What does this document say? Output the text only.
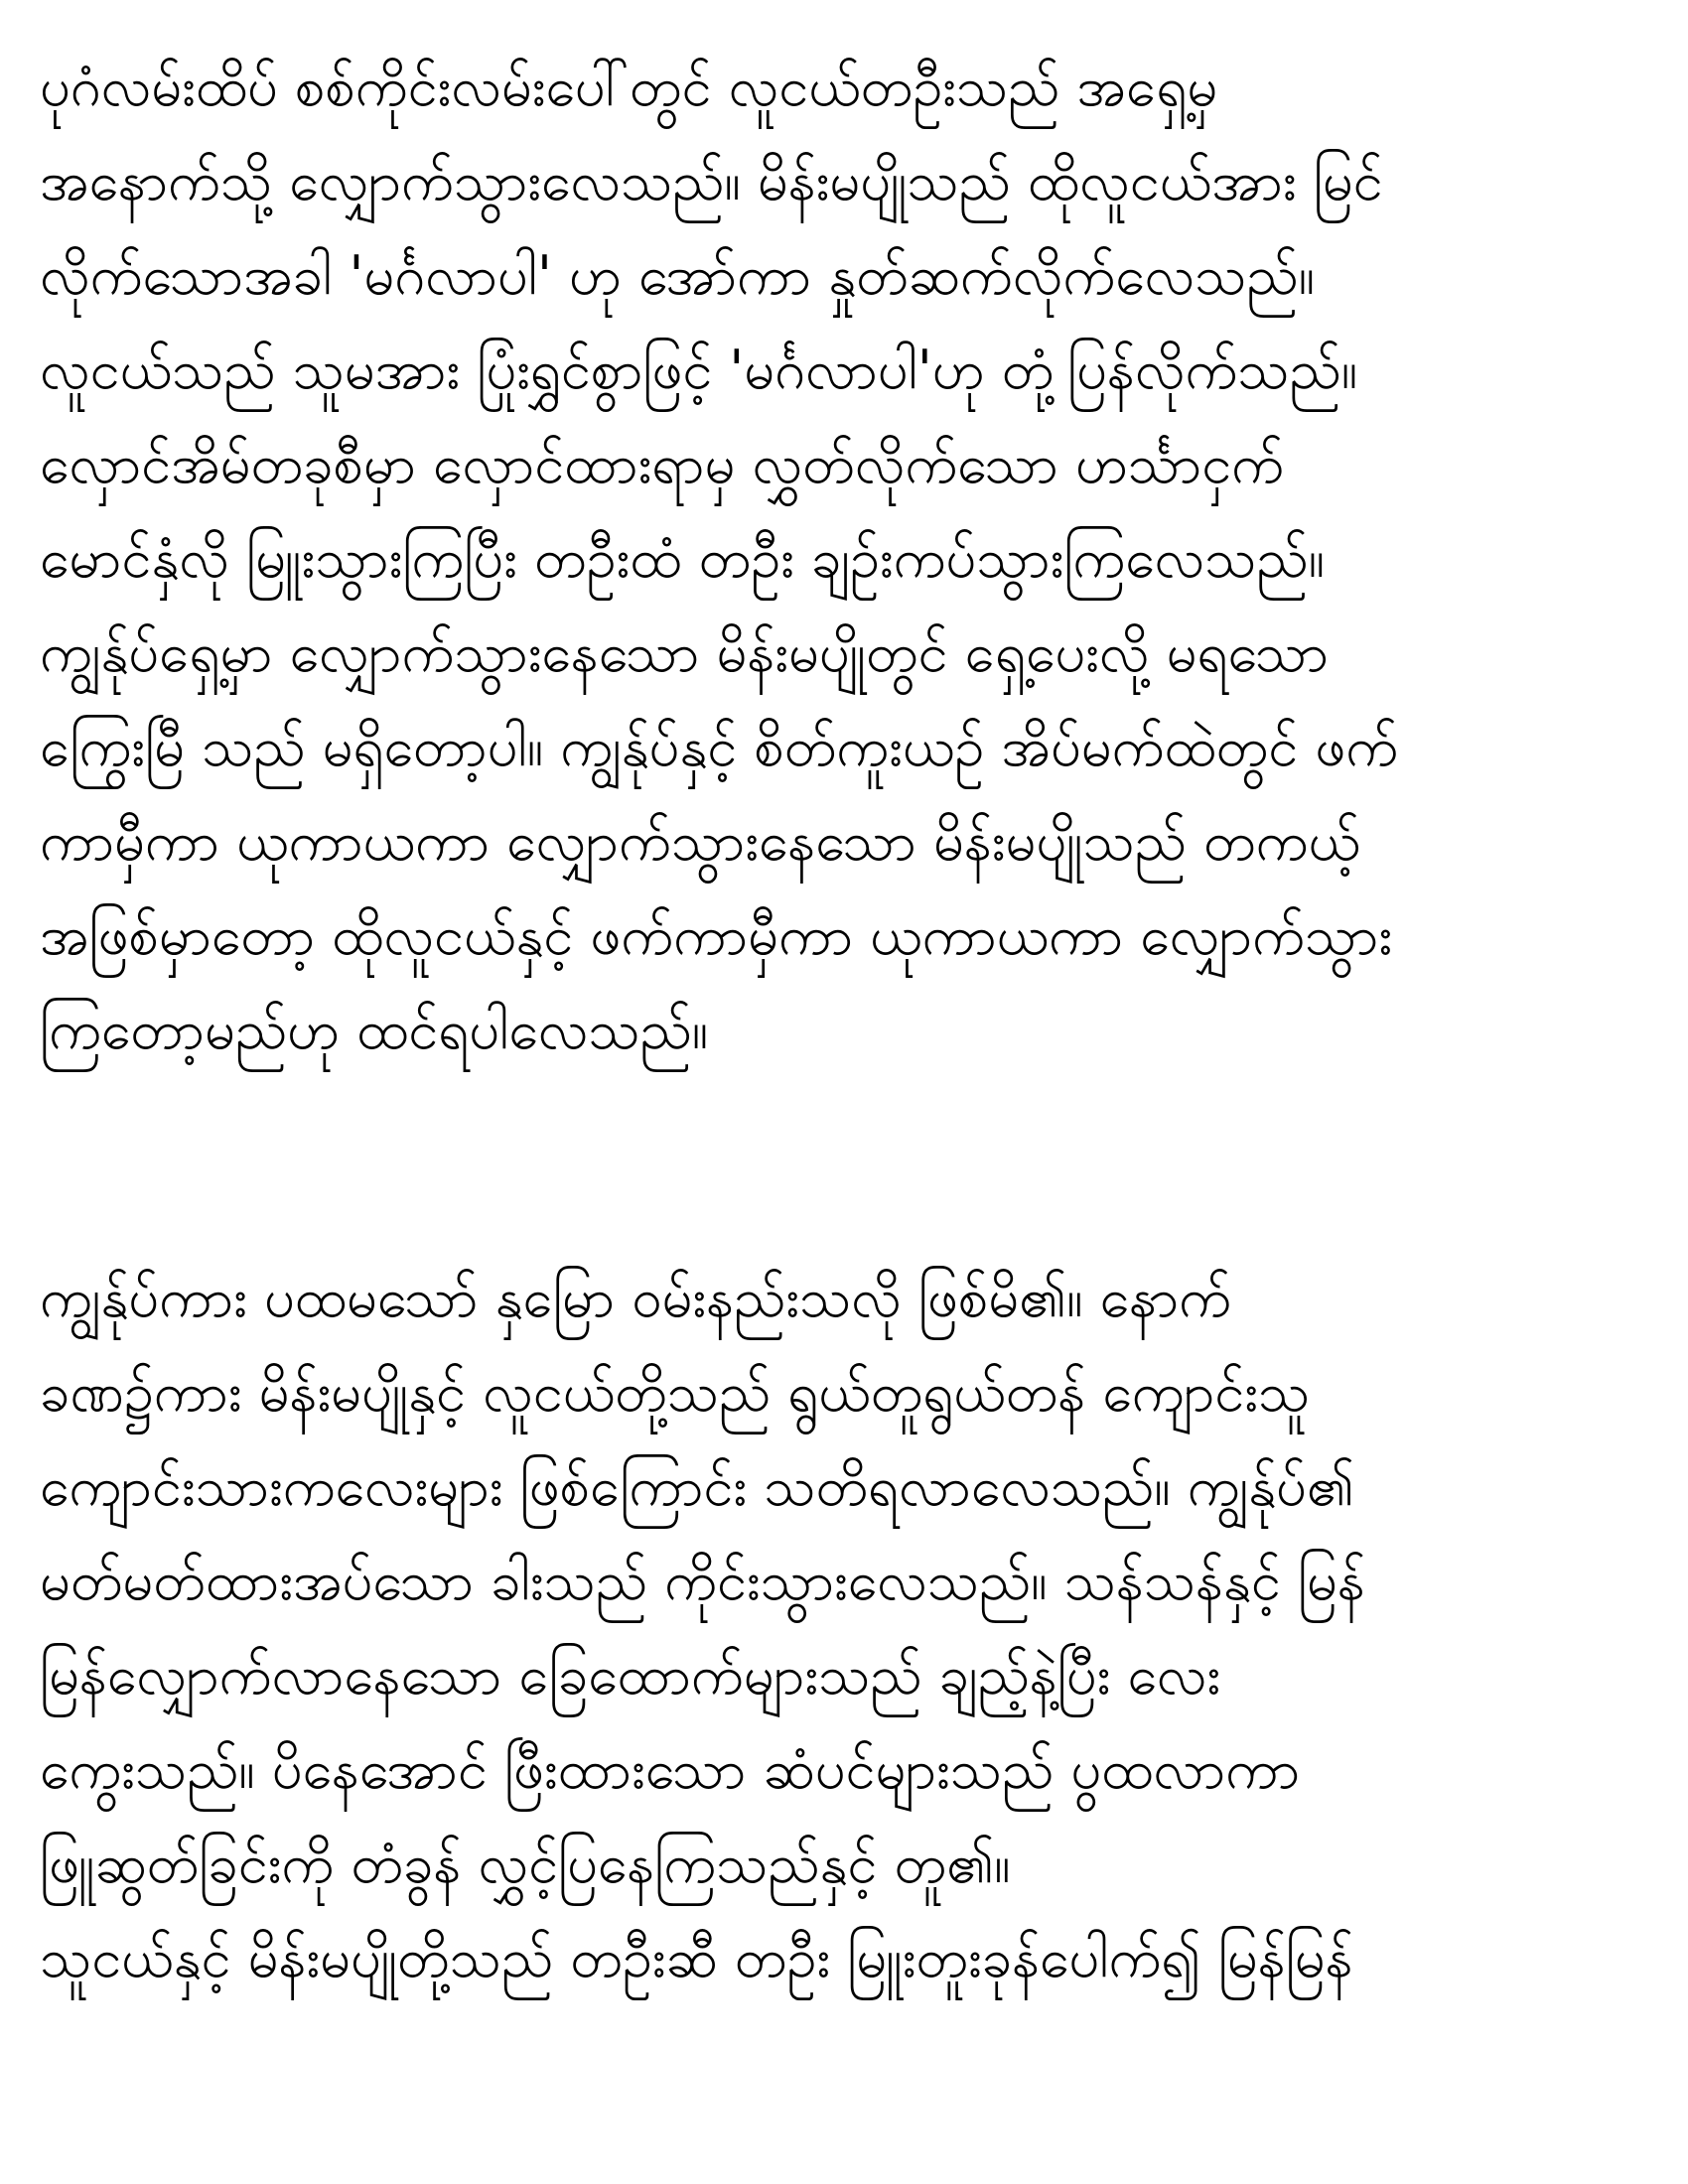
ပုဂံလမ်းထိပ် စစ်ကိုင်းလမ်းပေါ်တွင် လူငယ်တဦးသည် အရှေ့မှ
အနောက်သို့ လျှောက်သွားလေသည်။ မိန်းမပျိုသည် ထိုလူငယ်အား မြင်
လိုက်သောအခါ 'မင်္ဂလာပါ' ဟု အော်ကာ နှုတ်ဆက်လိုက်လေသည်။
လူငယ်သည် သူမအား ပြုံးရွှင်စွာဖြင့် 'မင်္ဂလာပါ'ဟု တုံ့ပြန်လိုက်သည်။
လှောင်အိမ်တခုစီမှာ လှောင်ထားရာမှ လွှတ်လိုက်သော ဟင်္သာငှက်
မောင်နှံလို မြူးသွားကြပြီး တဦးထံ တဦး ချဉ်းကပ်သွားကြလေသည်။
ကျွန်ုပ်ရှေ့မှာ လျှောက်သွားနေသော မိန်းမပျိုတွင် ရှေ့ပေးလို့ မရသော
ကြွေးမြီ သည် မရှိတော့ပါ။ ကျွန်ုပ်နှင့် စိတ်ကူးယဉ် အိပ်မက်ထဲတွင် ဖက်
ကာမှီကာ ယုကာယကာ လျှောက်သွားနေသော မိန်းမပျိုသည် တကယ့်
အဖြစ်မှာတော့ ထိုလူငယ်နှင့် ဖက်ကာမှီကာ ယုကာယကာ လျှောက်သွား
ကြတော့မည်ဟု ထင်ရပါလေသည်။
ကျွန်ုပ်ကား ပထမသော် နှမြော ဝမ်းနည်းသလို ဖြစ်မိ၏။ နောက်
ခဏ၌ကား မိန်းမပျိုနှင့် လူငယ်တို့သည် ရွယ်တူရွယ်တန် ကျောင်းသူ
ကျောင်းသားကလေးများ ဖြစ်ကြောင်း သတိရလာလေသည်။ ကျွန်ုပ်၏
မတ်မတ်ထားအပ်သော ခါးသည် ကိုင်းသွားလေသည်။ သန်သန်နှင့် မြန်
မြန်လျှောက်လာနေသော ခြေထောက်များသည် ချည့်နဲ့ပြီး လေး
ကွေးသည်။ ပိနေအောင် ဖြီးထားသော ဆံပင်များသည် ပွထလာကာ
ဖြူဆွတ်ခြင်းကို တံခွန် လွှင့်ပြနေကြသည်နှင့် တူ၏။
သူငယ်နှင့် မိန်းမပျိုတို့သည် တဦးဆီ တဦး မြူးတူးခုန်ပေါက်၍ မြန်မြန်
